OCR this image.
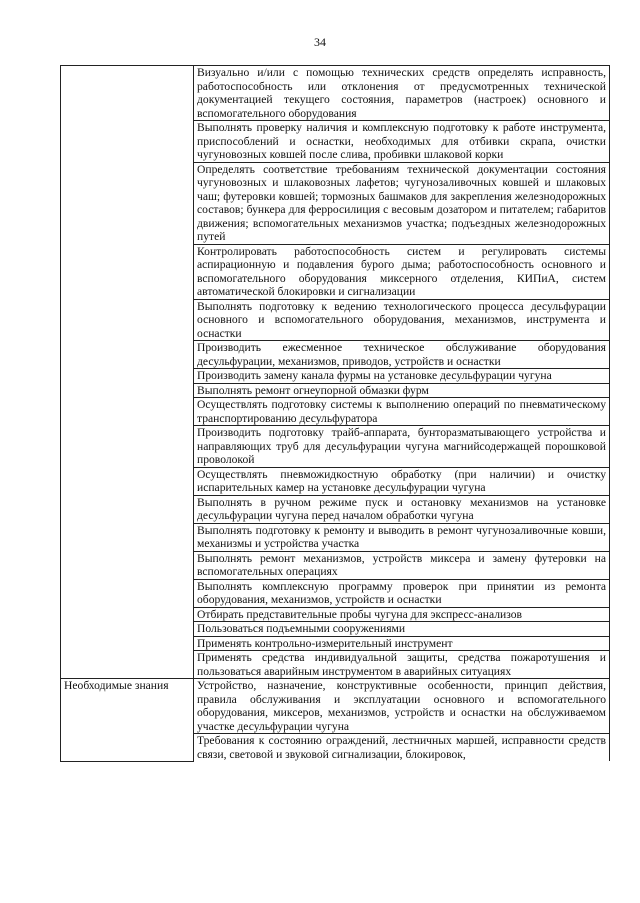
34
	Визуально и/или с помощью технических средств определять исправность, работоспособность или отклонения от предусмотренных технической документацией текущего состояния, параметров (настроек) основного и вспомогательного оборудования
	Выполнять проверку наличия и комплексную подготовку к работе инструмента, приспособлений и оснастки, необходимых для отбивки скрапа, очистки чугуновозных ковшей после слива, пробивки шлаковой корки
	Определять соответствие требованиям технической документации состояния чугуновозных и шлаковозных лафетов; чугунозаливочных ковшей и шлаковых чаш; футеровки ковшей; тормозных башмаков для закрепления железнодорожных составов; бункера для ферросилиция с весовым дозатором и питателем; габаритов движения; вспомогательных механизмов участка; подъездных железнодорожных путей
	Контролировать работоспособность систем и регулировать системы аспирационную и подавления бурого дыма; работоспособность основного и вспомогательного оборудования миксерного отделения, КИПиА, систем автоматической блокировки и сигнализации
	Выполнять подготовку к ведению технологического процесса десульфурации основного и вспомогательного оборудования, механизмов, инструмента и оснастки
	Производить ежесменное техническое обслуживание оборудования десульфурации, механизмов, приводов, устройств и оснастки
	Производить замену канала фурмы на установке десульфурации чугуна
	Выполнять ремонт огнеупорной обмазки фурм
	Осуществлять подготовку системы к выполнению операций по пневматическому транспортированию десульфуратора
	Производить подготовку трайб-аппарата, бунторазматывающего устройства и направляющих труб для десульфурации чугуна магнийсодержащей порошковой проволокой
	Осуществлять пневможидкостную обработку (при наличии) и очистку испарительных камер на установке десульфурации чугуна
	Выполнять в ручном режиме пуск и остановку механизмов на установке десульфурации чугуна перед началом обработки чугуна
	Выполнять подготовку к ремонту и выводить в ремонт чугунозаливочные ковши, механизмы и устройства участка
	Выполнять ремонт механизмов, устройств миксера и замену футеровки на вспомогательных операциях
	Выполнять комплексную программу проверок при принятии из ремонта оборудования, механизмов, устройств и оснастки
	Отбирать представительные пробы чугуна для экспресс-анализов
	Пользоваться подъемными сооружениями
	Применять контрольно-измерительный инструмент
	Применять средства индивидуальной защиты, средства пожаротушения и пользоваться аварийным инструментом в аварийных ситуациях
Необходимые знания	Устройство, назначение, конструктивные особенности, принцип действия, правила обслуживания и эксплуатации основного и вспомогательного оборудования, миксеров, механизмов, устройств и оснастки на обслуживаемом участке десульфурации чугуна
	Требования к состоянию ограждений, лестничных маршей, исправности средств связи, световой и звуковой сигнализации, блокировок,
